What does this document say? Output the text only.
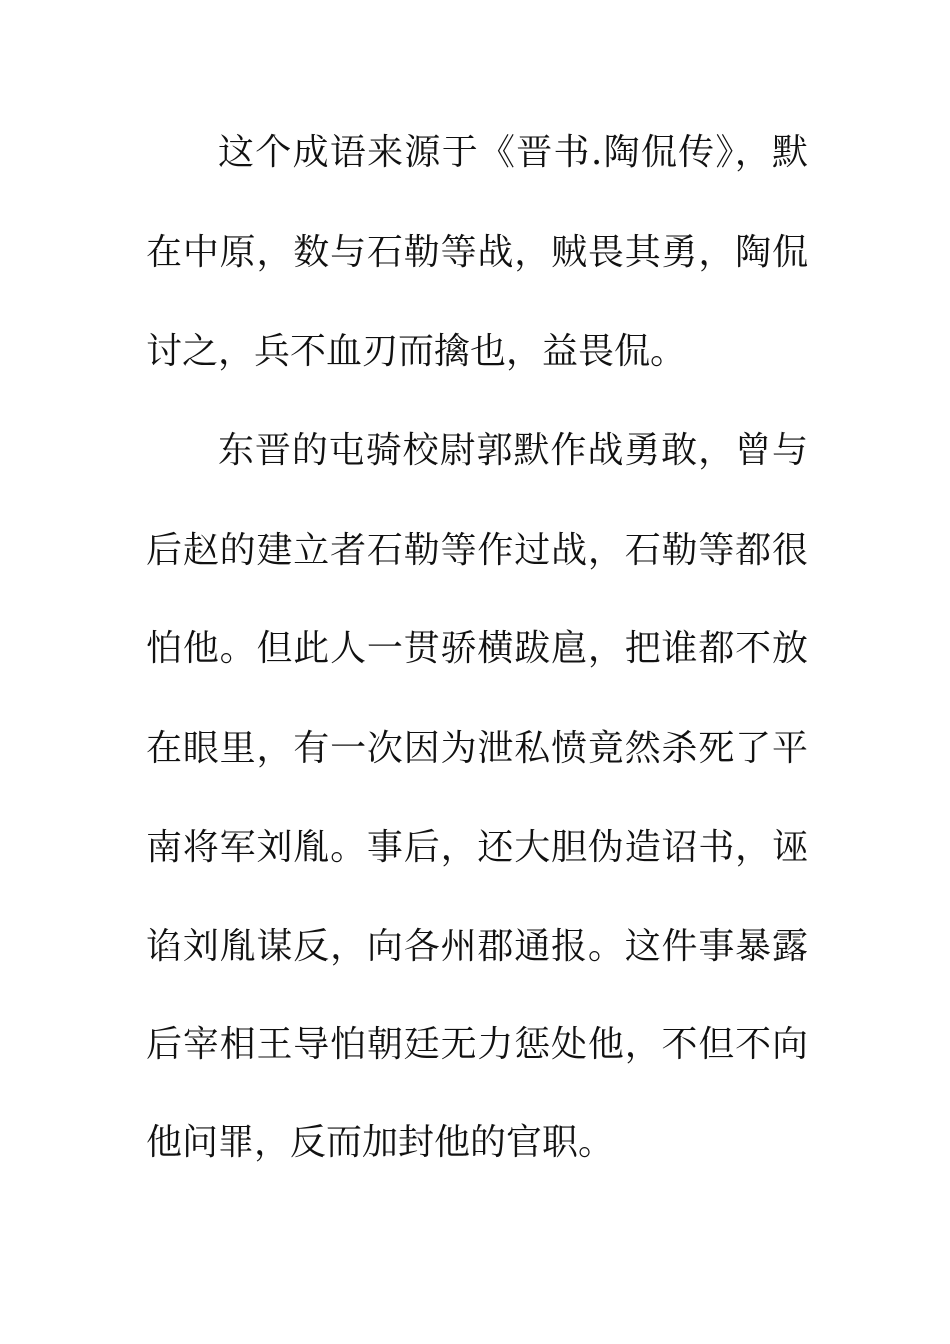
这个成语来源于《晋书.陶侃传》，默
在中原，数与石勒等战，贼畏其勇，陶侃
讨之，兵不血刃而擒也，益畏侃。
东晋的屯骑校尉郭默作战勇敢，曾与
后赵的建立者石勒等作过战，石勒等都很
怕他。但此人一贯骄横跋扈，把谁都不放
在眼里，有一次因为泄私愤竟然杀死了平
南将军刘胤。事后，还大胆伪造诏书，诬
谄刘胤谋反，向各州郡通报。这件事暴露
后宰相王导怕朝廷无力惩处他，不但不向
他问罪，反而加封他的官职。
